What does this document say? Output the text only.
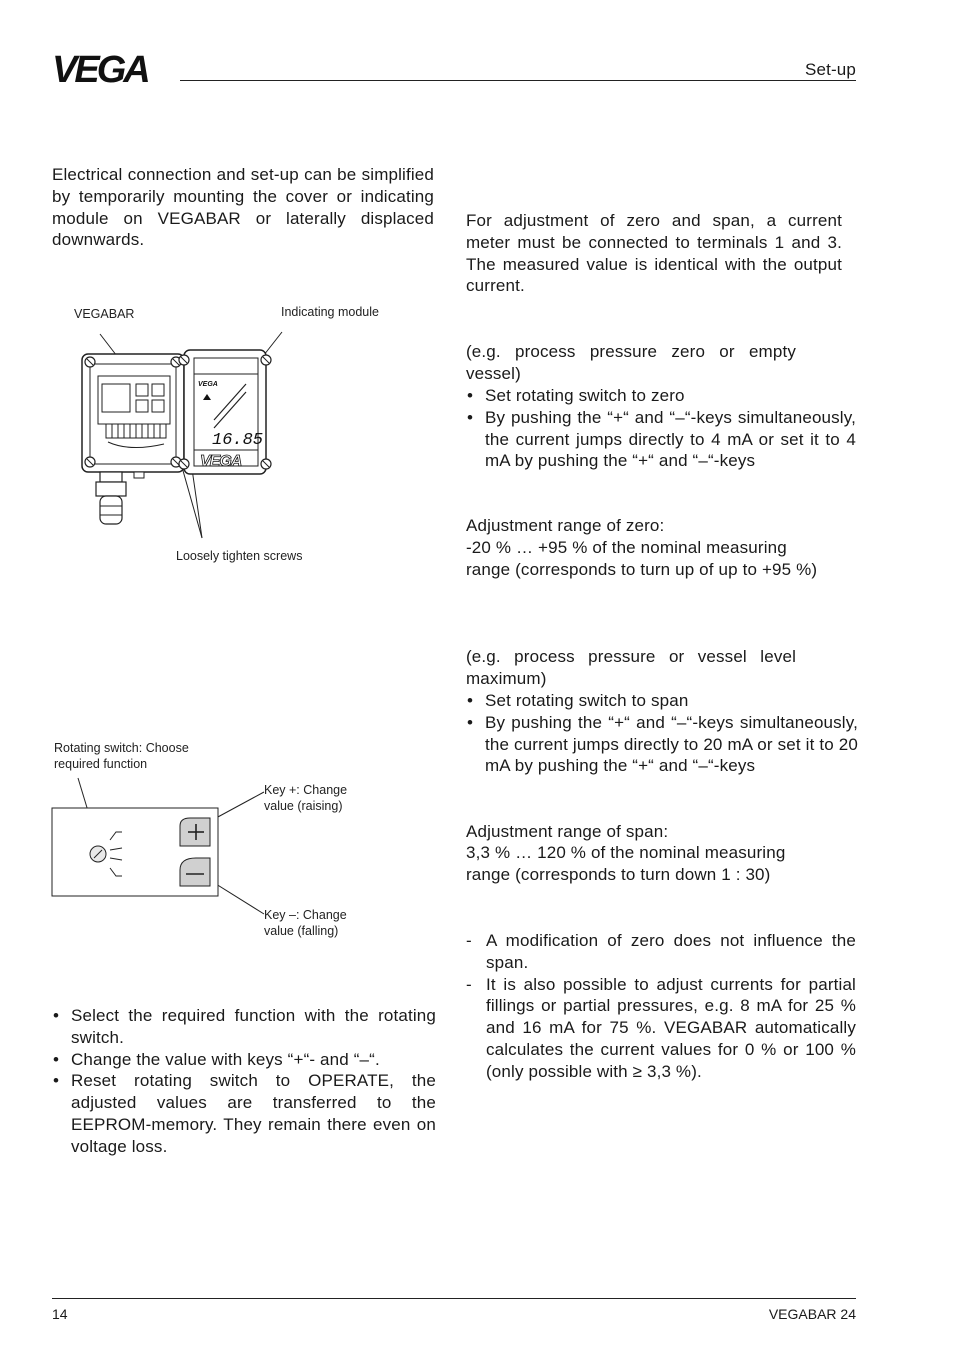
VEGA	Set-up

Electrical connection and set-up can be simplified by temporarily mounting the cover or indicating module on VEGABAR or laterally displaced downwards.

VEGABAR	Indicating module
VEGA
16.85
VEGA
Loosely tighten screws
Rotating switch: Choose required function
Key +: Change value (raising)
Key –: Change value (falling)
• Select the required function with the rotating switch.
• Change the value with keys “+“- and “–“.
• Reset rotating switch to OPERATE, the adjusted values are transferred to the EEPROM-memory. They remain there even on voltage loss.

For adjustment of zero and span, a current meter must be connected to terminals 1 and 3. The measured value is identical with the output current.

(e.g. process pressure zero or empty vessel)

• Set rotating switch to zero
• By pushing the “+“ and “–“-keys simultaneously, the current jumps directly to 4 mA or set it to 4 mA by pushing the “+“ and “–“-keys
Adjustment range of zero:

-20 % … +95 % of the nominal measuring range (corresponds to turn up of up to +95 %)

(e.g. process pressure or vessel level maximum)

• Set rotating switch to span
• By pushing the “+“ and “–“-keys simultaneously, the current jumps directly to 20 mA or set it to 20 mA by pushing the “+“ and “–“-keys
Adjustment range of span:

3,3 % … 120 % of the nominal measuring range (corresponds to turn down 1 : 30)

- A modification of zero does not influence the span.
- It is also possible to adjust currents for partial fillings or partial pressures, e.g. 8 mA for 25 % and 16 mA for 75 %. VEGABAR automatically calculates the current values for 0 % or 100 % (only possible with ≥ 3,3 %).
14	VEGABAR 24
